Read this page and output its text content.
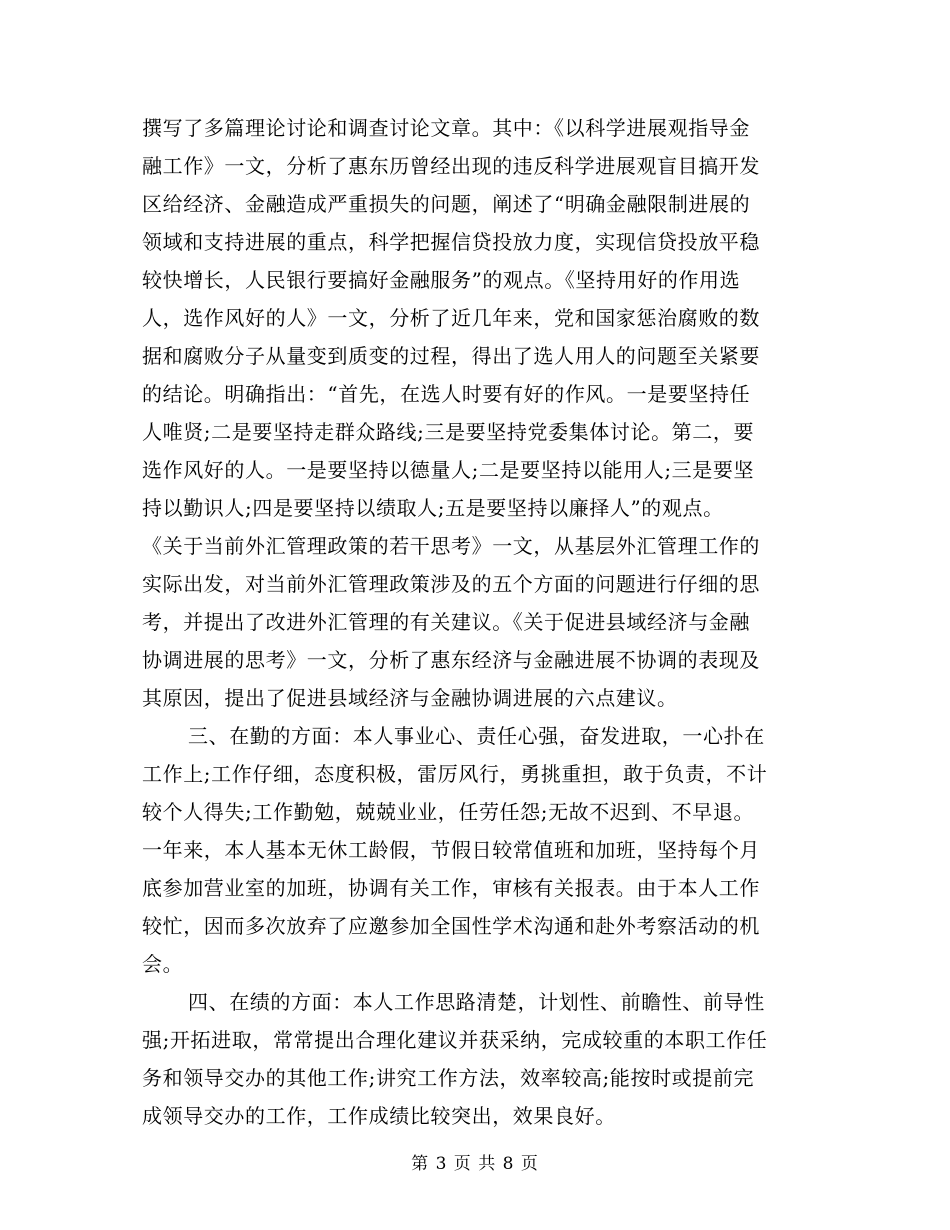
撰写了多篇理论讨论和调查讨论文章。其中：《以科学进展观指导金
融工作》一文，分析了惠东历曾经出现的违反科学进展观盲目搞开发
区给经济、金融造成严重损失的问题，阐述了“明确金融限制进展的
领域和支持进展的重点，科学把握信贷投放力度，实现信贷投放平稳
较快增长，人民银行要搞好金融服务”的观点。《坚持用好的作用选
人，选作风好的人》一文，分析了近几年来，党和国家惩治腐败的数
据和腐败分子从量变到质变的过程，得出了选人用人的问题至关紧要
的结论。明确指出：“首先，在选人时要有好的作风。一是要坚持任
人唯贤;二是要坚持走群众路线;三是要坚持党委集体讨论。第二，要
选作风好的人。一是要坚持以德量人;二是要坚持以能用人;三是要坚
持以勤识人;四是要坚持以绩取人;五是要坚持以廉择人”的观点。
《关于当前外汇管理政策的若干思考》一文，从基层外汇管理工作的
实际出发，对当前外汇管理政策涉及的五个方面的问题进行仔细的思
考，并提出了改进外汇管理的有关建议。《关于促进县域经济与金融
协调进展的思考》一文，分析了惠东经济与金融进展不协调的表现及
其原因，提出了促进县域经济与金融协调进展的六点建议。
三、在勤的方面：本人事业心、责任心强，奋发进取，一心扑在
工作上;工作仔细，态度积极，雷厉风行，勇挑重担，敢于负责，不计
较个人得失;工作勤勉，兢兢业业，任劳任怨;无故不迟到、不早退。
一年来，本人基本无休工龄假，节假日较常值班和加班，坚持每个月
底参加营业室的加班，协调有关工作，审核有关报表。由于本人工作
较忙，因而多次放弃了应邀参加全国性学术沟通和赴外考察活动的机
会。
四、在绩的方面：本人工作思路清楚，计划性、前瞻性、前导性
强;开拓进取，常常提出合理化建议并获采纳，完成较重的本职工作任
务和领导交办的其他工作;讲究工作方法，效率较高;能按时或提前完
成领导交办的工作，工作成绩比较突出，效果良好。
第 3 页 共 8 页
